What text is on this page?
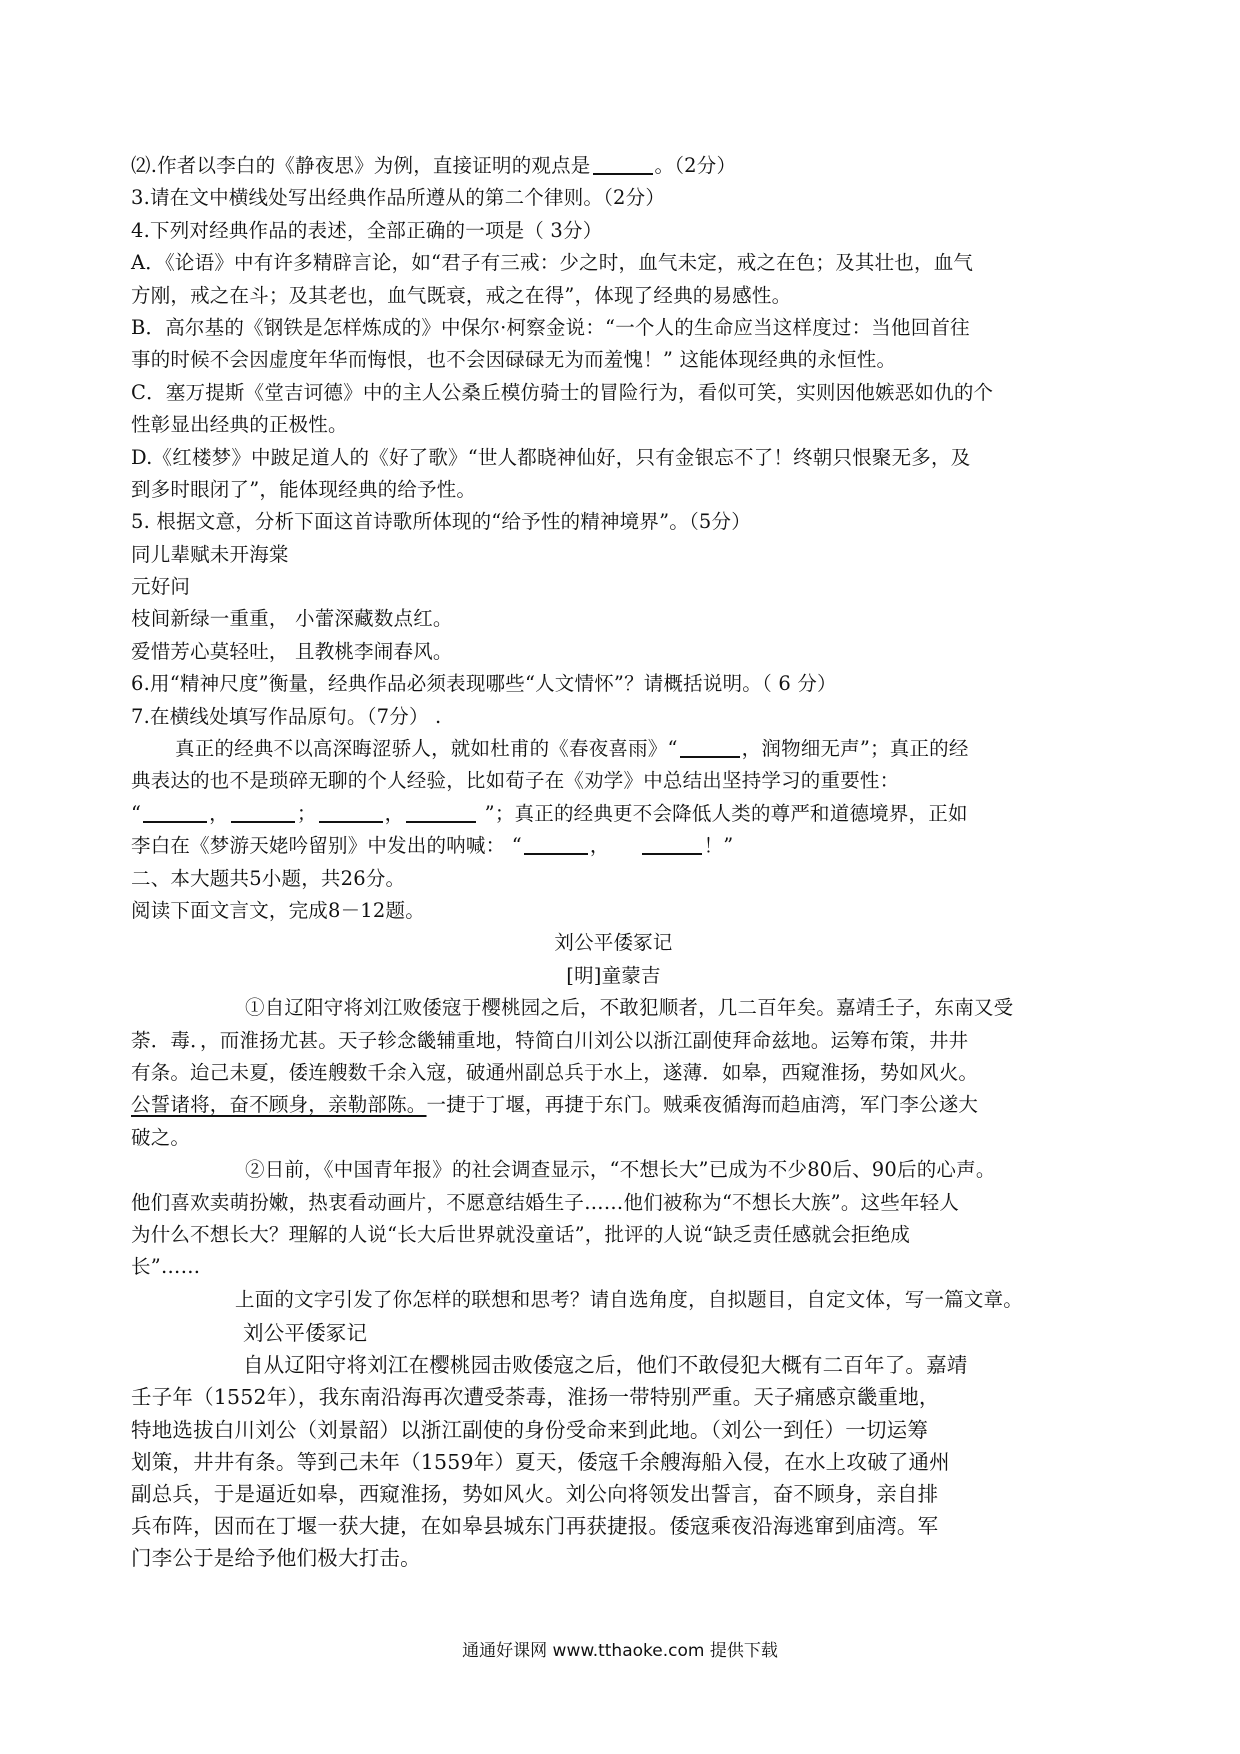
⑵.作者以李白的《静夜思》为例，直接证明的观点是	。（2分）
3.请在文中横线处写出经典作品所遵从的第二个律则。（2分）
4.下列对经典作品的表述，全部正确的一项是（ 3分）
A．《论语》中有许多精辟言论，如“君子有三戒：少之时，血气未定，戒之在色；及其壮也，血气
方刚，戒之在斗；及其老也，血气既衰，戒之在得”，体现了经典的易感性。
B．高尔基的《钢铁是怎样炼成的》中保尔·柯察金说：“一个人的生命应当这样度过：当他回首往
事的时候不会因虚度年华而悔恨，也不会因碌碌无为而羞愧！” 这能体现经典的永恒性。
C．塞万提斯《堂吉诃德》中的主人公桑丘模仿骑士的冒险行为，看似可笑，实则因他嫉恶如仇的个
性彰显出经典的正极性。
D.《红楼梦》中跛足道人的《好了歌》“世人都晓神仙好，只有金银忘不了！终朝只恨聚无多，及
到多时眼闭了”，能体现经典的给予性。
5. 根据文意，分析下面这首诗歌所体现的“给予性的精神境界”。（5分）
同儿辈赋未开海棠
元好问
枝间新绿一重重， 小蕾深藏数点红。
爱惜芳心莫轻吐， 且教桃李闹春风。
6.用“精神尺度”衡量，经典作品必须表现哪些“人文情怀”？请概括说明。（ 6 分）
7.在横线处填写作品原句。（7分） .
真正的经典不以高深晦涩骄人，就如杜甫的《春夜喜雨》“	，润物细无声”；真正的经
典表达的也不是琐碎无聊的个人经验，比如荀子在《劝学》中总结出坚持学习的重要性：
“	，	；	，	”；真正的经典更不会降低人类的尊严和道德境界，正如
李白在《梦游天姥吟留别》中发出的呐喊： “	，	！”
二、本大题共5小题，共26分。
阅读下面文言文，完成8－12题。
刘公平倭冢记
[明]童蒙吉
①自辽阳守将刘江败倭寇于樱桃园之后，不敢犯顺者，几二百年矣。嘉靖壬子，东南又受
荼．毒．，而淮扬尤甚。天子轸念畿辅重地，特简白川刘公以浙江副使拜命兹地。运筹布策，井井
有条。迨己未夏，倭连艘数千余入寇，破通州副总兵于水上，遂薄．如皋，西窥淮扬，势如风火。
公誓诸将，奋不顾身，亲勒部陈。一捷于丁堰，再捷于东门。贼乘夜循海而趋庙湾，军门李公遂大
破之。
②日前，《中国青年报》的社会调查显示，“不想长大”已成为不少80后、90后的心声。
他们喜欢卖萌扮嫩，热衷看动画片，不愿意结婚生子……他们被称为“不想长大族”。这些年轻人
为什么不想长大？理解的人说“长大后世界就没童话”，批评的人说“缺乏责任感就会拒绝成
长”……
上面的文字引发了你怎样的联想和思考？请自选角度，自拟题目，自定文体，写一篇文章。
刘公平倭冢记
自从辽阳守将刘江在樱桃园击败倭寇之后，他们不敢侵犯大概有二百年了。嘉靖
壬子年（1552年），我东南沿海再次遭受荼毒，淮扬一带特别严重。天子痛感京畿重地，
特地选拔白川刘公（刘景韶）以浙江副使的身份受命来到此地。（刘公一到任）一切运筹
划策，井井有条。等到己未年（1559年）夏天，倭寇千余艘海船入侵，在水上攻破了通州
副总兵，于是逼近如皋，西窥淮扬，势如风火。刘公向将领发出誓言，奋不顾身，亲自排
兵布阵，因而在丁堰一获大捷，在如皋县城东门再获捷报。倭寇乘夜沿海逃窜到庙湾。军
门李公于是给予他们极大打击。
通通好课网 www.tthaoke.com 提供下载
